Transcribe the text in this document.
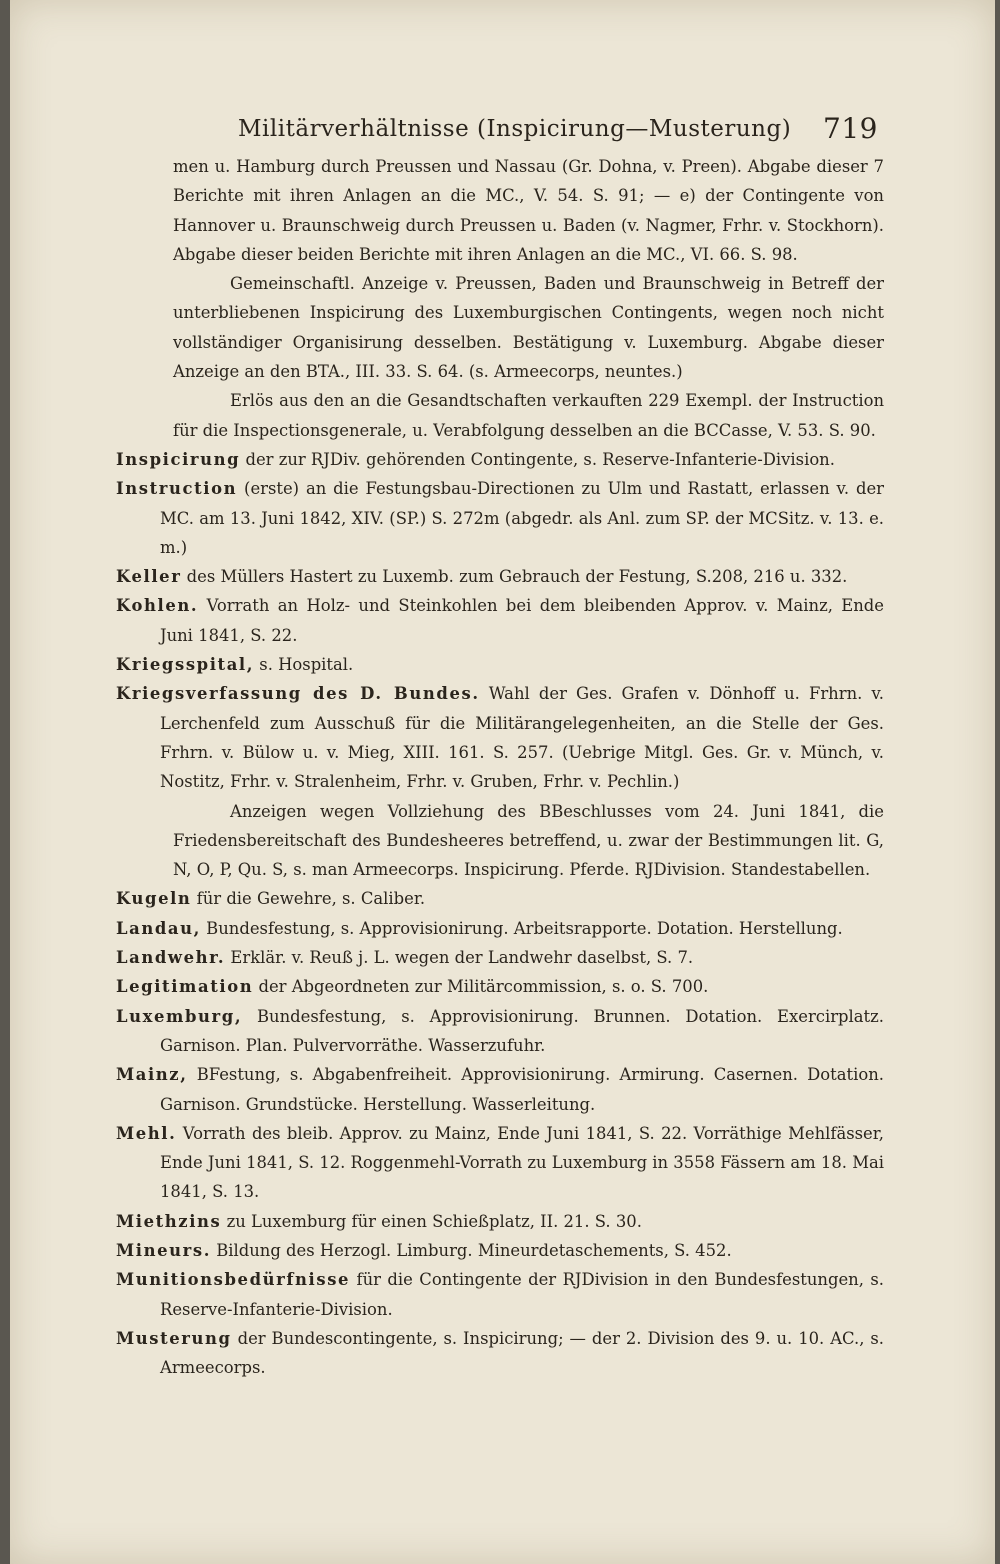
Militärverhältnisse (Inspicirung—Musterung) 719

men u. Hamburg durch Preussen und Nassau (Gr. Dohna, v. Preen). Abgabe dieser 7 Berichte mit ihren Anlagen an die MC., V. 54. S. 91; — e) der Contingente von Hannover u. Braunschweig durch Preussen u. Baden (v. Nagmer, Frhr. v. Stockhorn). Abgabe dieser beiden Berichte mit ihren Anlagen an die MC., VI. 66. S. 98.

Gemeinschaftl. Anzeige v. Preussen, Baden und Braunschweig in Betreff der unterbliebenen Inspicirung des Luxemburgischen Contingents, wegen noch nicht vollständiger Organisirung desselben. Bestätigung v. Luxemburg. Abgabe dieser Anzeige an den BTA., III. 33. S. 64. (s. Armeecorps, neuntes.)

Erlös aus den an die Gesandtschaften verkauften 229 Exempl. der Instruction für die Inspectionsgenerale, u. Verabfolgung desselben an die BCCasse, V. 53. S. 90.

Inspicirung der zur RJDiv. gehörenden Contingente, s. Reserve-Infanterie-Division.

Instruction (erste) an die Festungsbau-Directionen zu Ulm und Rastatt, erlassen v. der MC. am 13. Juni 1842, XIV. (SP.) S. 272m (abgedr. als Anl. zum SP. der MCSitz. v. 13. e. m.)

Keller des Müllers Hastert zu Luxemb. zum Gebrauch der Festung, S.208, 216 u. 332.

Kohlen. Vorrath an Holz- und Steinkohlen bei dem bleibenden Approv. v. Mainz, Ende Juni 1841, S. 22.

Kriegsspital, s. Hospital.

Kriegsverfassung des D. Bundes. Wahl der Ges. Grafen v. Dönhoff u. Frhrn. v. Lerchenfeld zum Ausschuß für die Militärangelegenheiten, an die Stelle der Ges. Frhrn. v. Bülow u. v. Mieg, XIII. 161. S. 257. (Uebrige Mitgl. Ges. Gr. v. Münch, v. Nostitz, Frhr. v. Stralenheim, Frhr. v. Gruben, Frhr. v. Pechlin.)

Anzeigen wegen Vollziehung des BBeschlusses vom 24. Juni 1841, die Friedensbereitschaft des Bundesheeres betreffend, u. zwar der Bestimmungen lit. G, N, O, P, Qu. S, s. man Armeecorps. Inspicirung. Pferde. RJDivision. Standestabellen.

Kugeln für die Gewehre, s. Caliber.

Landau, Bundesfestung, s. Approvisionirung. Arbeitsrapporte. Dotation. Herstellung.

Landwehr. Erklär. v. Reuß j. L. wegen der Landwehr daselbst, S. 7.

Legitimation der Abgeordneten zur Militärcommission, s. o. S. 700.

Luxemburg, Bundesfestung, s. Approvisionirung. Brunnen. Dotation. Exercirplatz. Garnison. Plan. Pulvervorräthe. Wasserzufuhr.

Mainz, BFestung, s. Abgabenfreiheit. Approvisionirung. Armirung. Casernen. Dotation. Garnison. Grundstücke. Herstellung. Wasserleitung.

Mehl. Vorrath des bleib. Approv. zu Mainz, Ende Juni 1841, S. 22. Vorräthige Mehlfässer, Ende Juni 1841, S. 12. Roggenmehl-Vorrath zu Luxemburg in 3558 Fässern am 18. Mai 1841, S. 13.

Miethzins zu Luxemburg für einen Schießplatz, II. 21. S. 30.

Mineurs. Bildung des Herzogl. Limburg. Mineurdetaschements, S. 452.

Munitionsbedürfnisse für die Contingente der RJDivision in den Bundesfestungen, s. Reserve-Infanterie-Division.

Musterung der Bundescontingente, s. Inspicirung; — der 2. Division des 9. u. 10. AC., s. Armeecorps.
